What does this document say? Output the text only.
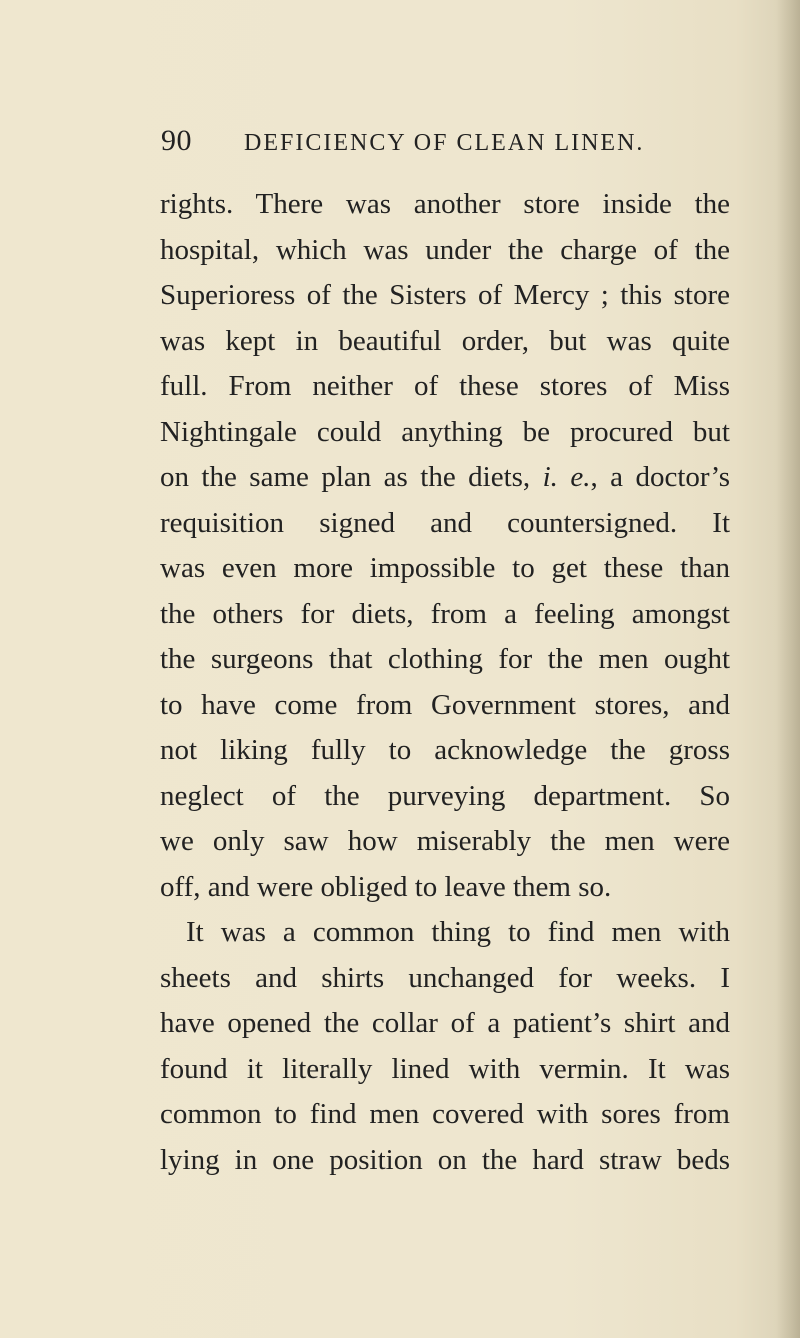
90 DEFICIENCY OF CLEAN LINEN.
rights. There was another store inside the
hospital, which was under the charge of the
Superioress of the Sisters of Mercy ; this store
was kept in beautiful order, but was quite
full. From neither of these stores of Miss
Nightingale could anything be procured but
on the same plan as the diets, i. e., a doctor’s
requisition signed and countersigned. It
was even more impossible to get these than
the others for diets, from a feeling amongst
the surgeons that clothing for the men ought
to have come from Government stores, and
not liking fully to acknowledge the gross
neglect of the purveying department. So
we only saw how miserably the men were
off, and were obliged to leave them so.
It was a common thing to find men with
sheets and shirts unchanged for weeks. I
have opened the collar of a patient’s shirt and
found it literally lined with vermin. It was
common to find men covered with sores from
lying in one position on the hard straw beds
